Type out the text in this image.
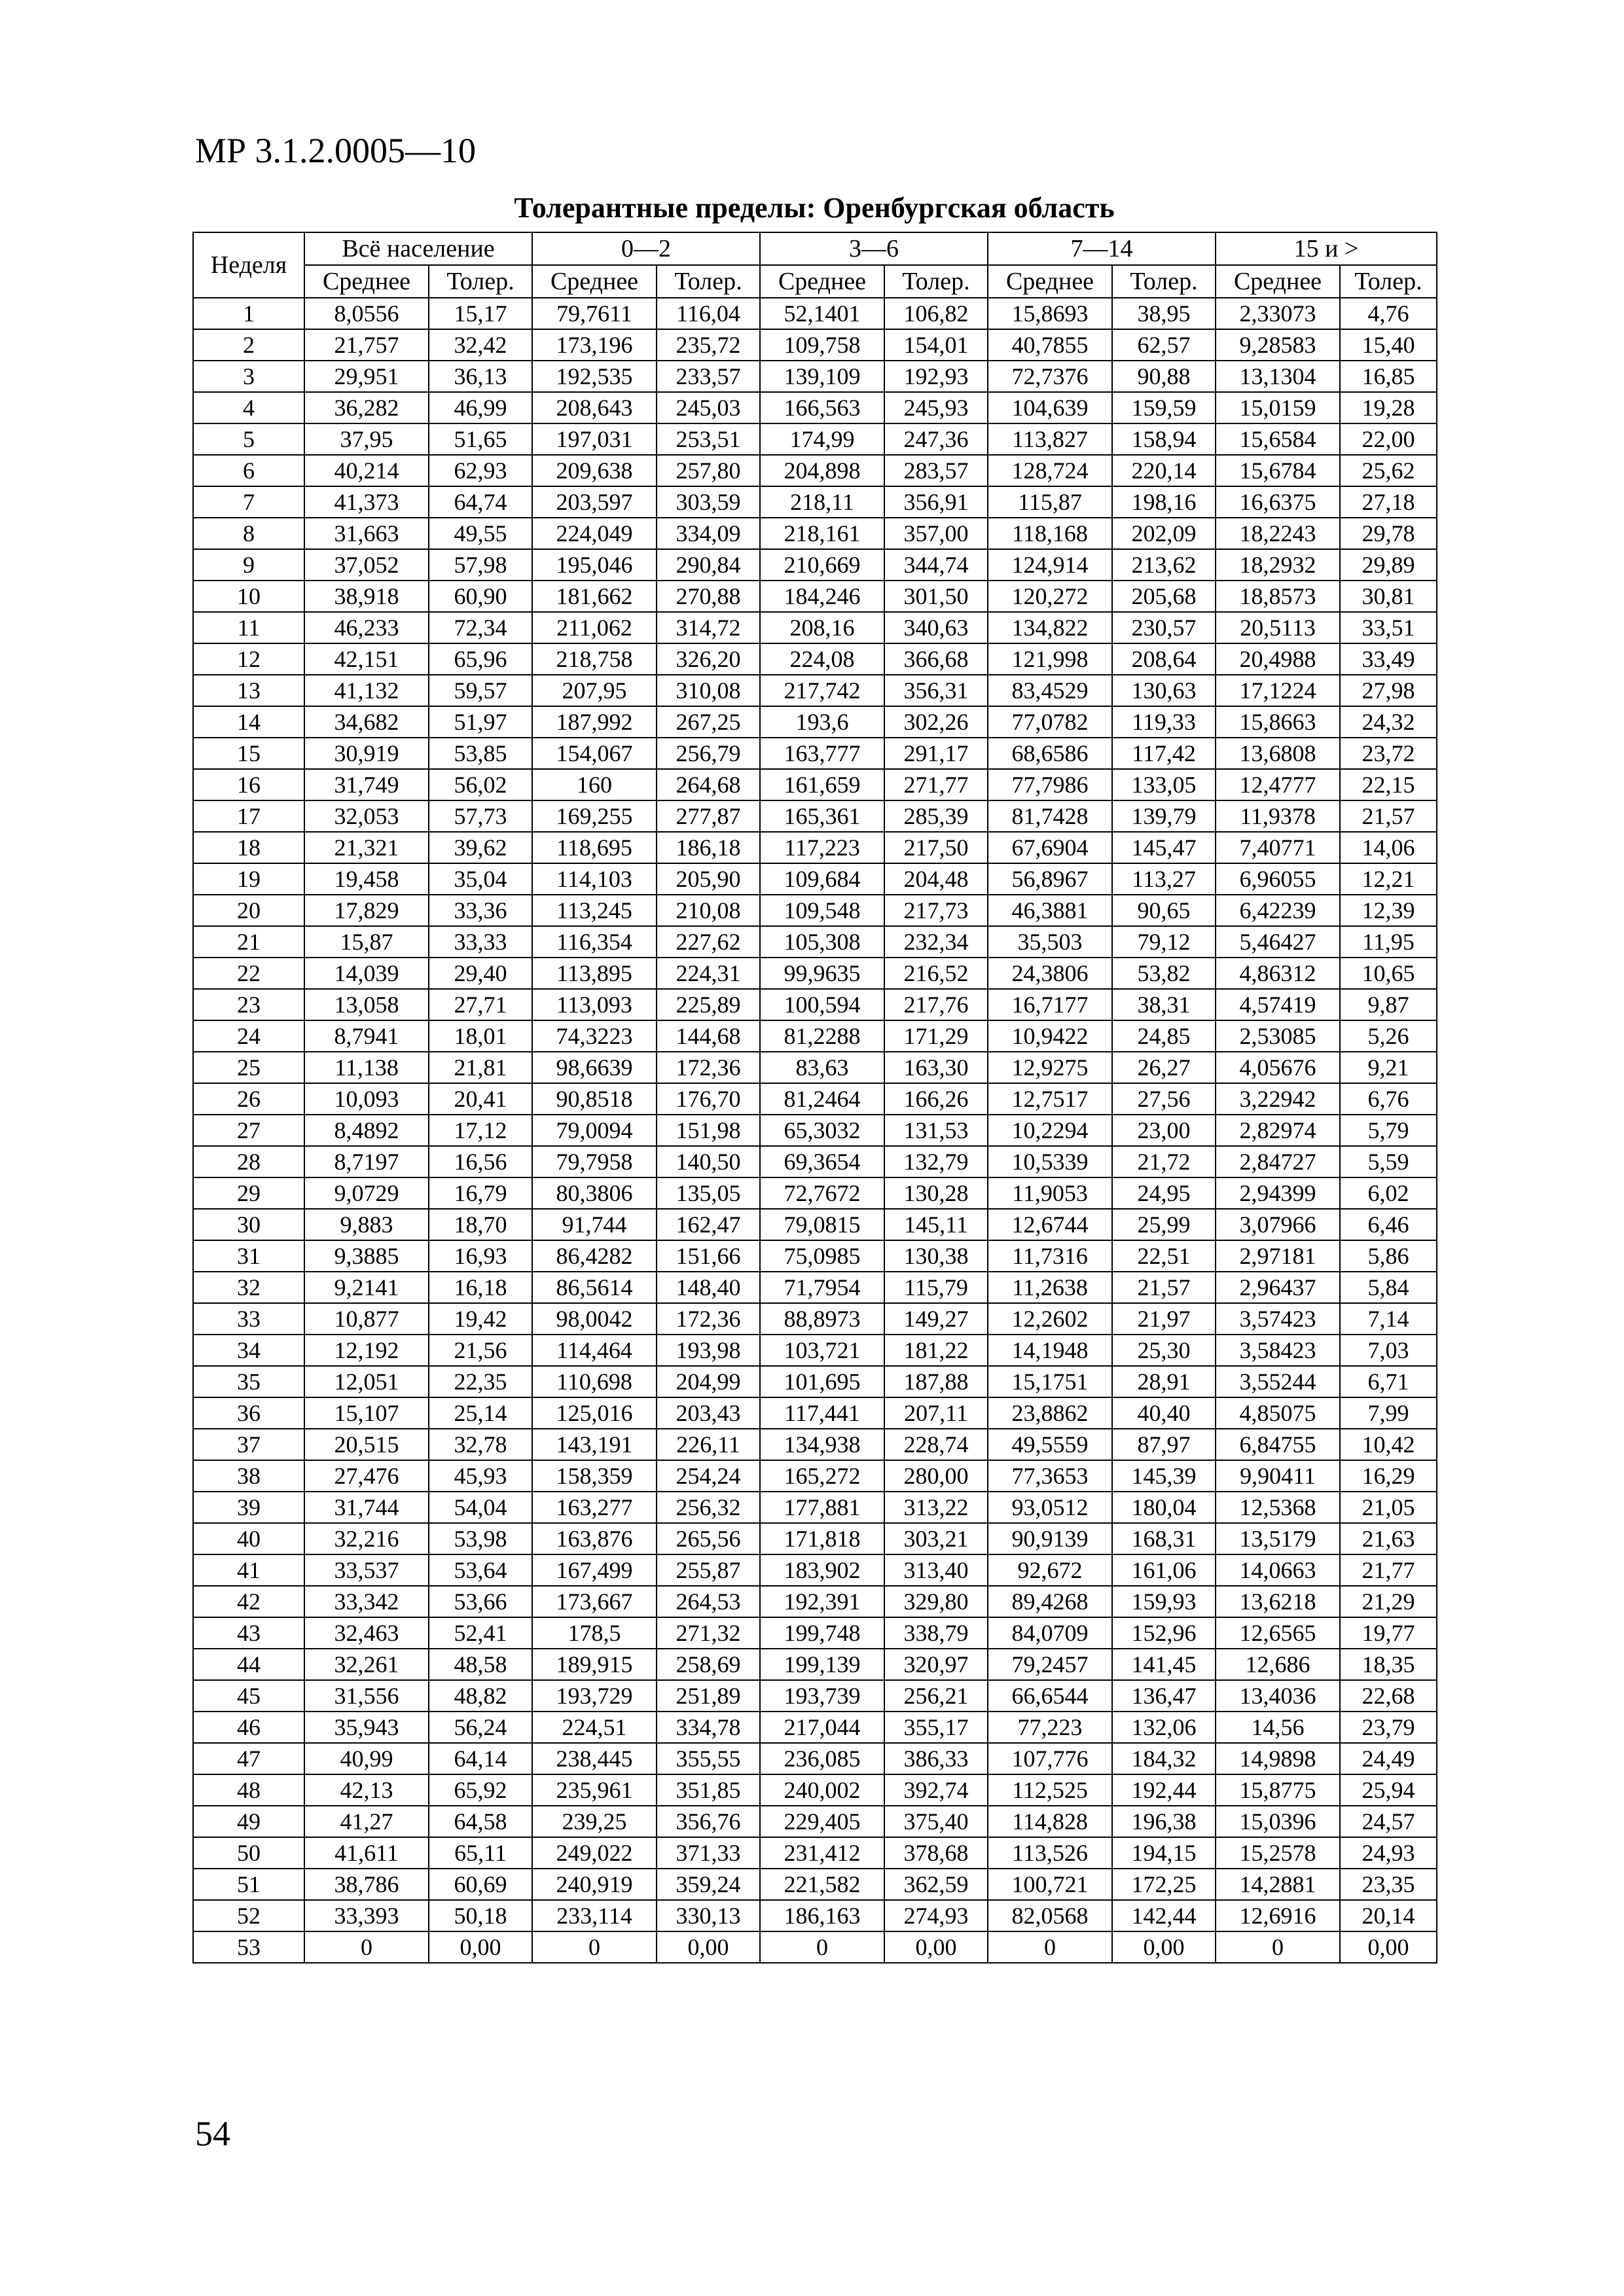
МР 3.1.2.0005—10
Толерантные пределы: Оренбургская область
Неделя	Всё население		0—2		3—6		7—14		15 и >	
	Среднее	Толер.	Среднее	Толер.	Среднее	Толер.	Среднее	Толер.	Среднее	Толер.
1	8,0556	15,17	79,7611	116,04	52,1401	106,82	15,8693	38,95	2,33073	4,76
2	21,757	32,42	173,196	235,72	109,758	154,01	40,7855	62,57	9,28583	15,40
3	29,951	36,13	192,535	233,57	139,109	192,93	72,7376	90,88	13,1304	16,85
4	36,282	46,99	208,643	245,03	166,563	245,93	104,639	159,59	15,0159	19,28
5	37,95	51,65	197,031	253,51	174,99	247,36	113,827	158,94	15,6584	22,00
6	40,214	62,93	209,638	257,80	204,898	283,57	128,724	220,14	15,6784	25,62
7	41,373	64,74	203,597	303,59	218,11	356,91	115,87	198,16	16,6375	27,18
8	31,663	49,55	224,049	334,09	218,161	357,00	118,168	202,09	18,2243	29,78
9	37,052	57,98	195,046	290,84	210,669	344,74	124,914	213,62	18,2932	29,89
10	38,918	60,90	181,662	270,88	184,246	301,50	120,272	205,68	18,8573	30,81
11	46,233	72,34	211,062	314,72	208,16	340,63	134,822	230,57	20,5113	33,51
12	42,151	65,96	218,758	326,20	224,08	366,68	121,998	208,64	20,4988	33,49
13	41,132	59,57	207,95	310,08	217,742	356,31	83,4529	130,63	17,1224	27,98
14	34,682	51,97	187,992	267,25	193,6	302,26	77,0782	119,33	15,8663	24,32
15	30,919	53,85	154,067	256,79	163,777	291,17	68,6586	117,42	13,6808	23,72
16	31,749	56,02	160	264,68	161,659	271,77	77,7986	133,05	12,4777	22,15
17	32,053	57,73	169,255	277,87	165,361	285,39	81,7428	139,79	11,9378	21,57
18	21,321	39,62	118,695	186,18	117,223	217,50	67,6904	145,47	7,40771	14,06
19	19,458	35,04	114,103	205,90	109,684	204,48	56,8967	113,27	6,96055	12,21
20	17,829	33,36	113,245	210,08	109,548	217,73	46,3881	90,65	6,42239	12,39
21	15,87	33,33	116,354	227,62	105,308	232,34	35,503	79,12	5,46427	11,95
22	14,039	29,40	113,895	224,31	99,9635	216,52	24,3806	53,82	4,86312	10,65
23	13,058	27,71	113,093	225,89	100,594	217,76	16,7177	38,31	4,57419	9,87
24	8,7941	18,01	74,3223	144,68	81,2288	171,29	10,9422	24,85	2,53085	5,26
25	11,138	21,81	98,6639	172,36	83,63	163,30	12,9275	26,27	4,05676	9,21
26	10,093	20,41	90,8518	176,70	81,2464	166,26	12,7517	27,56	3,22942	6,76
27	8,4892	17,12	79,0094	151,98	65,3032	131,53	10,2294	23,00	2,82974	5,79
28	8,7197	16,56	79,7958	140,50	69,3654	132,79	10,5339	21,72	2,84727	5,59
29	9,0729	16,79	80,3806	135,05	72,7672	130,28	11,9053	24,95	2,94399	6,02
30	9,883	18,70	91,744	162,47	79,0815	145,11	12,6744	25,99	3,07966	6,46
31	9,3885	16,93	86,4282	151,66	75,0985	130,38	11,7316	22,51	2,97181	5,86
32	9,2141	16,18	86,5614	148,40	71,7954	115,79	11,2638	21,57	2,96437	5,84
33	10,877	19,42	98,0042	172,36	88,8973	149,27	12,2602	21,97	3,57423	7,14
34	12,192	21,56	114,464	193,98	103,721	181,22	14,1948	25,30	3,58423	7,03
35	12,051	22,35	110,698	204,99	101,695	187,88	15,1751	28,91	3,55244	6,71
36	15,107	25,14	125,016	203,43	117,441	207,11	23,8862	40,40	4,85075	7,99
37	20,515	32,78	143,191	226,11	134,938	228,74	49,5559	87,97	6,84755	10,42
38	27,476	45,93	158,359	254,24	165,272	280,00	77,3653	145,39	9,90411	16,29
39	31,744	54,04	163,277	256,32	177,881	313,22	93,0512	180,04	12,5368	21,05
40	32,216	53,98	163,876	265,56	171,818	303,21	90,9139	168,31	13,5179	21,63
41	33,537	53,64	167,499	255,87	183,902	313,40	92,672	161,06	14,0663	21,77
42	33,342	53,66	173,667	264,53	192,391	329,80	89,4268	159,93	13,6218	21,29
43	32,463	52,41	178,5	271,32	199,748	338,79	84,0709	152,96	12,6565	19,77
44	32,261	48,58	189,915	258,69	199,139	320,97	79,2457	141,45	12,686	18,35
45	31,556	48,82	193,729	251,89	193,739	256,21	66,6544	136,47	13,4036	22,68
46	35,943	56,24	224,51	334,78	217,044	355,17	77,223	132,06	14,56	23,79
47	40,99	64,14	238,445	355,55	236,085	386,33	107,776	184,32	14,9898	24,49
48	42,13	65,92	235,961	351,85	240,002	392,74	112,525	192,44	15,8775	25,94
49	41,27	64,58	239,25	356,76	229,405	375,40	114,828	196,38	15,0396	24,57
50	41,611	65,11	249,022	371,33	231,412	378,68	113,526	194,15	15,2578	24,93
51	38,786	60,69	240,919	359,24	221,582	362,59	100,721	172,25	14,2881	23,35
52	33,393	50,18	233,114	330,13	186,163	274,93	82,0568	142,44	12,6916	20,14
53	0	0,00	0	0,00	0	0,00	0	0,00	0	0,00
54
